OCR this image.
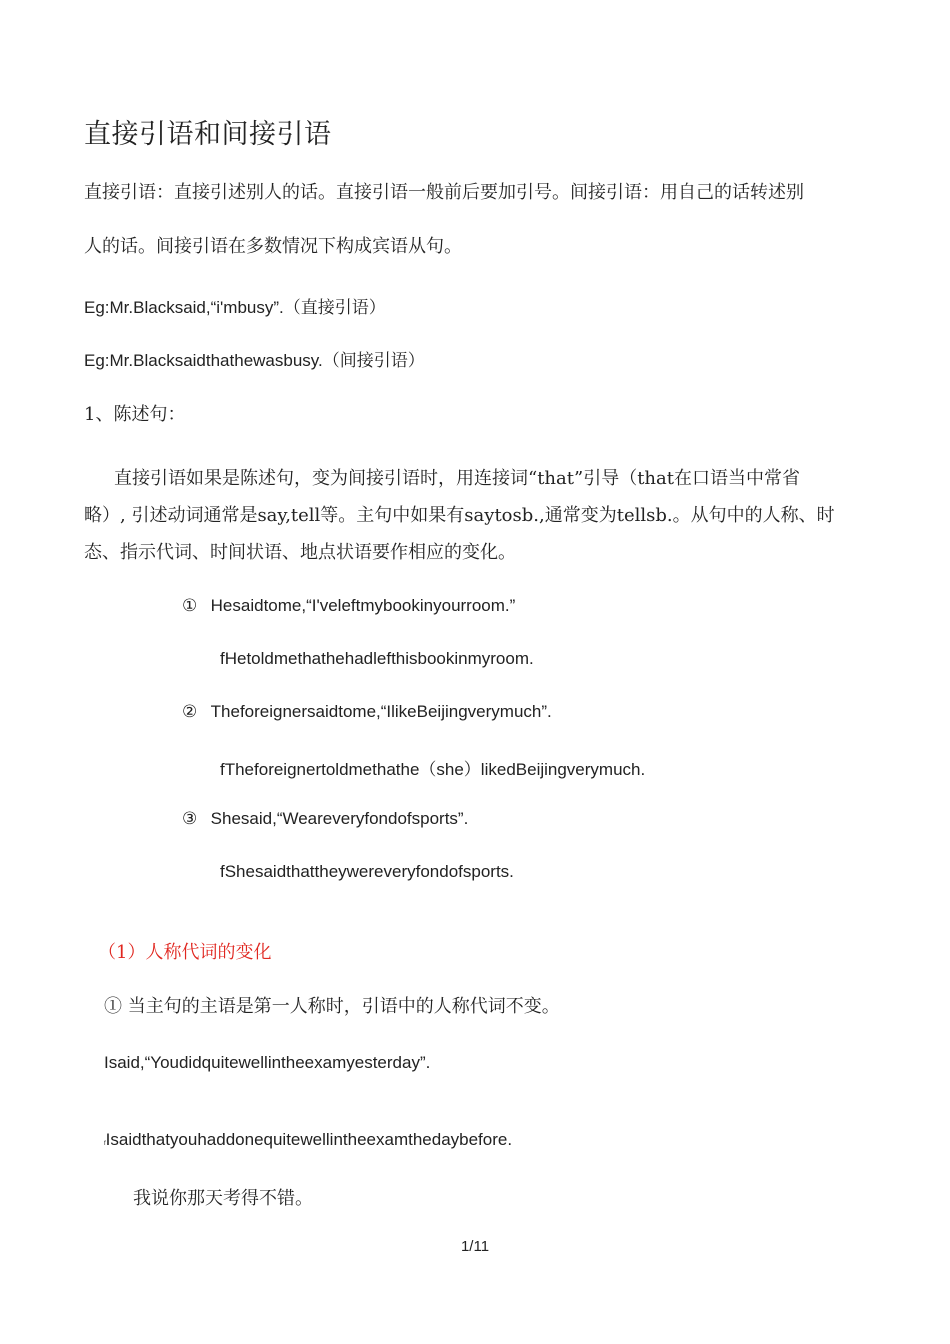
直接引语和间接引语
直接引语：直接引述别人的话。直接引语一般前后要加引号。间接引语：用自己的话转述别
人的话。间接引语在多数情况下构成宾语从句。
Eg:Mr.Blacksaid,“i'mbusy”.（直接引语）
Eg:Mr.Blacksaidthathewasbusy.（间接引语）
1、陈述句：
直接引语如果是陈述句，变为间接引语时，用连接词“that”引导（that在口语当中常省
略）, 引述动词通常是say,tell等。主句中如果有saytosb.,通常变为tellsb.。从句中的人称、时
态、指示代词、时间状语、地点状语要作相应的变化。
① Hesaidtome,“I'veleftmybookinyourroom.”
fHetoldmethathehadlefthisbookinmyroom.
② Theforeignersaidtome,“IlikeBeijingverymuch”.
fTheforeignertoldmethathe（she）likedBeijingverymuch.
③ Shesaid,“Weareveryfondofsports”.
fShesaidthattheywereveryfondofsports.
（1）人称代词的变化
① 当主句的主语是第一人称时，引语中的人称代词不变。
Isaid,“Youdidquitewellintheexamyesterday”.
fIsaidthatyouhaddonequitewellintheexamthedaybefore.
我说你那天考得不错。
1/11
